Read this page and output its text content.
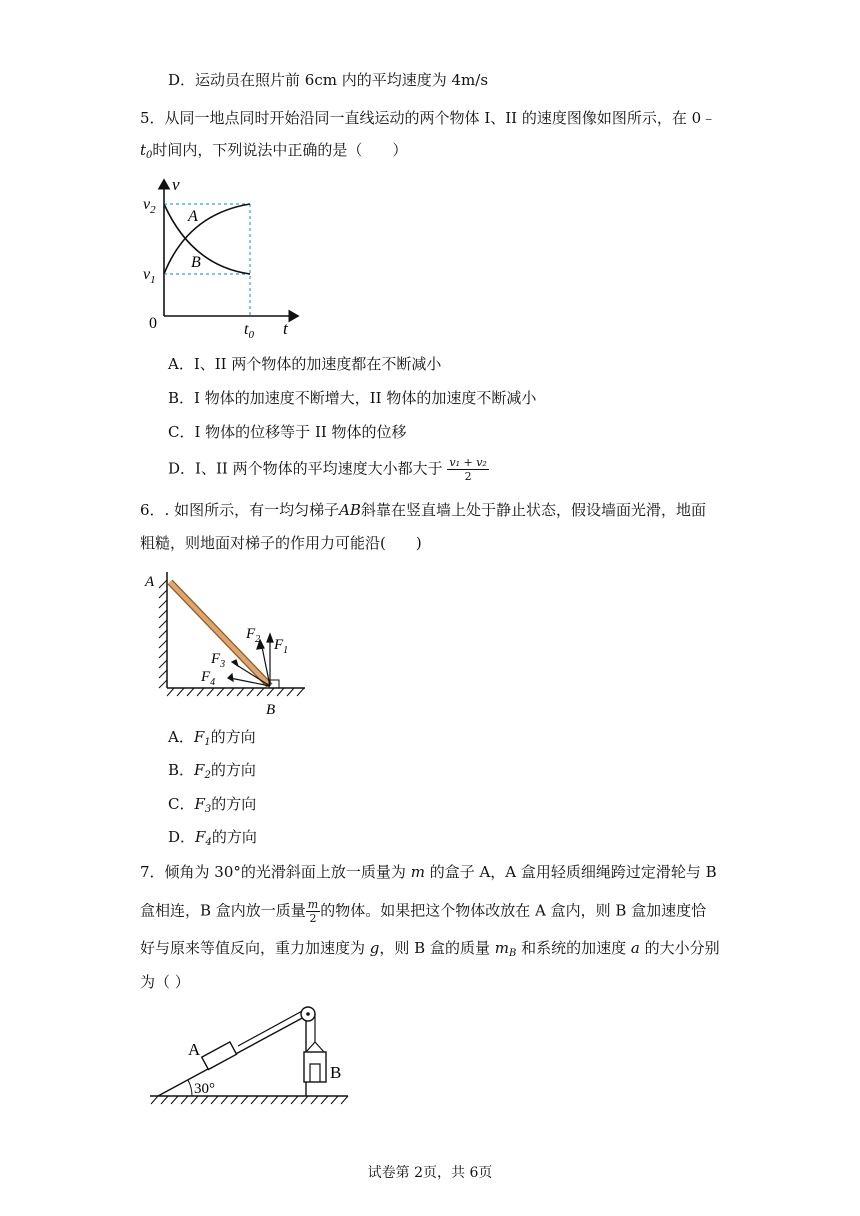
D．运动员在照片前 6cm 内的平均速度为 4m/s
5．从同一地点同时开始沿同一直线运动的两个物体 I、II 的速度图像如图所示，在 0﹣
$t_0$时间内，下列说法中正确的是（　　）
v
t
0
$v_2$
$v_1$
$t_0$
A
B
A．I、II 两个物体的加速度都在不断减小
B．I 物体的加速度不断增大，II 物体的加速度不断减小
C．I 物体的位移等于 II 物体的位移
D．I、II 两个物体的平均速度大小都大于 $\frac{\text{v₁ + v₂}}{2}$
6．. 如图所示，有一均匀梯子AB斜靠在竖直墙上处于静止状态，假设墙面光滑，地面
粗糙，则地面对梯子的作用力可能沿(　　)
A
B
$F_2$ $F_1$
$F_3$
$F_4$
A．$F_1$的方向
B．$F_2$的方向
C．$F_3$的方向
D．$F_4$的方向
7．倾角为 30°的光滑斜面上放一质量为 m 的盒子 A，A 盒用轻质细绳跨过定滑轮与 B
盒相连，B 盒内放一质量 $\frac{m}{2}$ 的物体。如果把这个物体改放在 A 盒内，则 B 盒加速度恰
好与原来等值反向，重力加速度为 g，则 B 盒的质量 $m_B$ 和系统的加速度 a 的大小分别
为（ ）
A
B
30°
试卷第 2页，共 6页
